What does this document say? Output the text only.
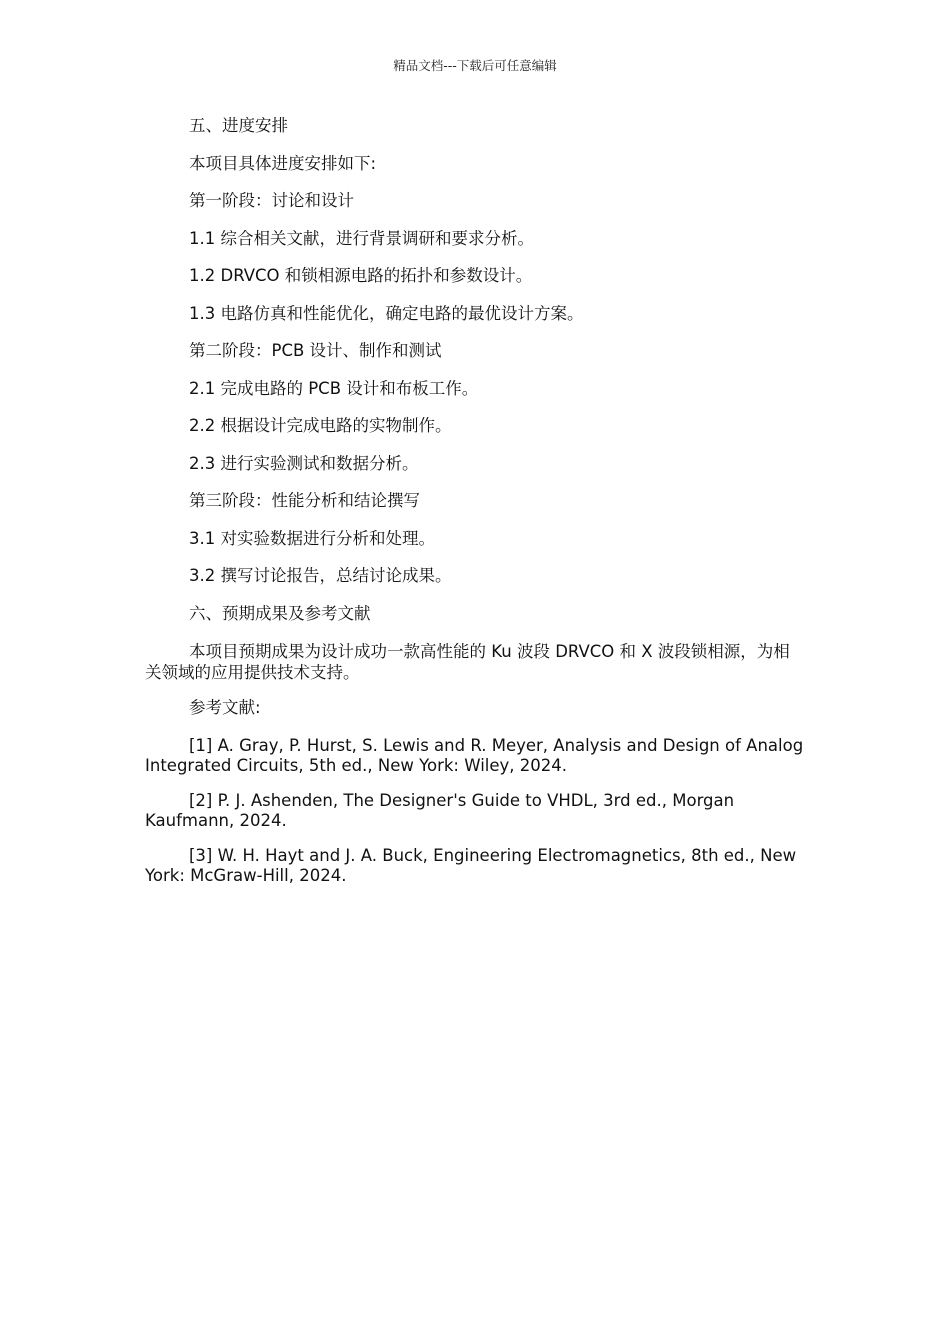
精品文档---下载后可任意编辑

五、进度安排

本项目具体进度安排如下:

第一阶段：讨论和设计

1.1 综合相关文献，进行背景调研和要求分析。

1.2 DRVCO 和锁相源电路的拓扑和参数设计。

1.3 电路仿真和性能优化，确定电路的最优设计方案。

第二阶段：PCB 设计、制作和测试

2.1 完成电路的 PCB 设计和布板工作。

2.2 根据设计完成电路的实物制作。

2.3 进行实验测试和数据分析。

第三阶段：性能分析和结论撰写

3.1 对实验数据进行分析和处理。

3.2 撰写讨论报告，总结讨论成果。

六、预期成果及参考文献

本项目预期成果为设计成功一款高性能的 Ku 波段 DRVCO 和 X 波段锁相源，为相关领域的应用提供技术支持。

参考文献:

[1] A. Gray, P. Hurst, S. Lewis and R. Meyer, Analysis and Design of Analog Integrated Circuits, 5th ed., New York: Wiley, 2024.

[2] P. J. Ashenden, The Designer's Guide to VHDL, 3rd ed., Morgan Kaufmann, 2024.

[3] W. H. Hayt and J. A. Buck, Engineering Electromagnetics, 8th ed., New York: McGraw-Hill, 2024.
